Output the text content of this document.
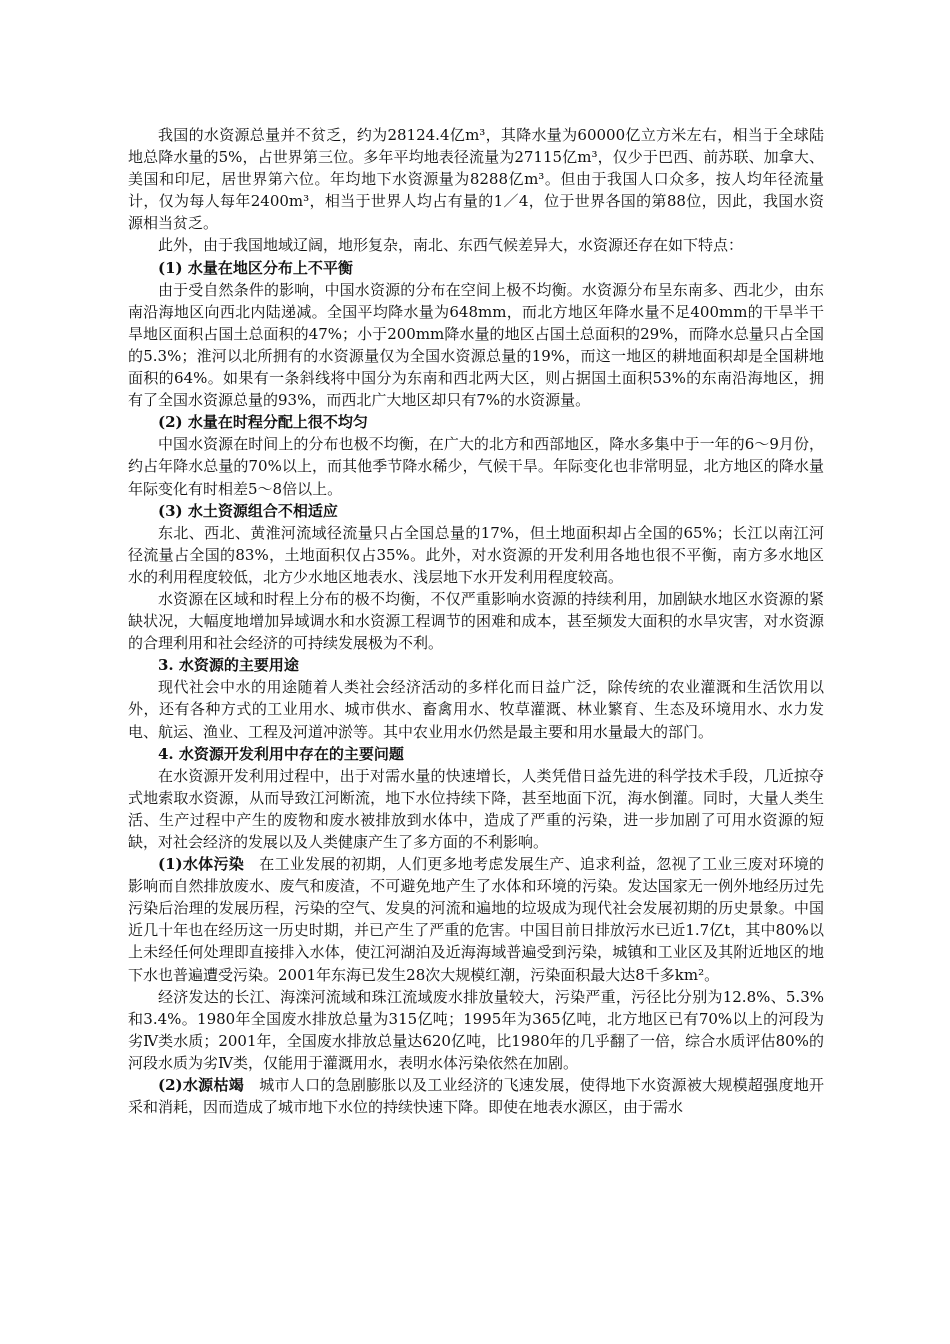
我国的水资源总量并不贫乏，约为28124.4亿m³，其降水量为60000亿立方米左右，相当于全球陆地总降水量的5%，占世界第三位。多年平均地表径流量为27115亿m³，仅少于巴西、前苏联、加拿大、美国和印尼，居世界第六位。年均地下水资源量为8288亿m³。但由于我国人口众多，按人均年径流量计，仅为每人每年2400m³，相当于世界人均占有量的1／4，位于世界各国的第88位，因此，我国水资源相当贫乏。

此外，由于我国地域辽阔，地形复杂，南北、东西气候差异大，水资源还存在如下特点：

(1) 水量在地区分布上不平衡

由于受自然条件的影响，中国水资源的分布在空间上极不均衡。水资源分布呈东南多、西北少，由东南沿海地区向西北内陆递减。全国平均降水量为648mm，而北方地区年降水量不足400mm的干旱半干旱地区面积占国土总面积的47%；小于200mm降水量的地区占国土总面积的29%，而降水总量只占全国的5.3%；淮河以北所拥有的水资源量仅为全国水资源总量的19%，而这一地区的耕地面积却是全国耕地面积的64%。如果有一条斜线将中国分为东南和西北两大区，则占据国土面积53%的东南沿海地区，拥有了全国水资源总量的93%，而西北广大地区却只有7%的水资源量。

(2) 水量在时程分配上很不均匀

中国水资源在时间上的分布也极不均衡，在广大的北方和西部地区，降水多集中于一年的6～9月份，约占年降水总量的70%以上，而其他季节降水稀少，气候干旱。年际变化也非常明显，北方地区的降水量年际变化有时相差5～8倍以上。

(3) 水土资源组合不相适应

东北、西北、黄淮河流域径流量只占全国总量的17%，但土地面积却占全国的65%；长江以南江河径流量占全国的83%，土地面积仅占35%。此外，对水资源的开发利用各地也很不平衡，南方多水地区水的利用程度较低，北方少水地区地表水、浅层地下水开发利用程度较高。

水资源在区域和时程上分布的极不均衡，不仅严重影响水资源的持续利用，加剧缺水地区水资源的紧缺状况，大幅度地增加异域调水和水资源工程调节的困难和成本，甚至频发大面积的水旱灾害，对水资源的合理利用和社会经济的可持续发展极为不利。

3. 水资源的主要用途

现代社会中水的用途随着人类社会经济活动的多样化而日益广泛，除传统的农业灌溉和生活饮用以外，还有各种方式的工业用水、城市供水、畜禽用水、牧草灌溉、林业繁育、生态及环境用水、水力发电、航运、渔业、工程及河道冲淤等。其中农业用水仍然是最主要和用水量最大的部门。

4. 水资源开发利用中存在的主要问题

在水资源开发利用过程中，出于对需水量的快速增长，人类凭借日益先进的科学技术手段，几近掠夺式地索取水资源，从而导致江河断流，地下水位持续下降，甚至地面下沉，海水倒灌。同时，大量人类生活、生产过程中产生的废物和废水被排放到水体中，造成了严重的污染，进一步加剧了可用水资源的短缺，对社会经济的发展以及人类健康产生了多方面的不利影响。

(1)水体污染  在工业发展的初期，人们更多地考虑发展生产、追求利益，忽视了工业三废对环境的影响而自然排放废水、废气和废渣，不可避免地产生了水体和环境的污染。发达国家无一例外地经历过先污染后治理的发展历程，污染的空气、发臭的河流和遍地的垃圾成为现代社会发展初期的历史景象。中国近几十年也在经历这一历史时期，并已产生了严重的危害。中国目前日排放污水已近1.7亿t，其中80%以上未经任何处理即直接排入水体，使江河湖泊及近海海域普遍受到污染，城镇和工业区及其附近地区的地下水也普遍遭受污染。2001年东海已发生28次大规模红潮，污染面积最大达8千多km²。

经济发达的长江、海滦河流域和珠江流域废水排放量较大，污染严重，污径比分别为12.8%、5.3%和3.4%。1980年全国废水排放总量为315亿吨；1995年为365亿吨，北方地区已有70%以上的河段为劣Ⅳ类水质；2001年，全国废水排放总量达620亿吨，比1980年的几乎翻了一倍，综合水质评估80%的河段水质为劣Ⅳ类，仅能用于灌溉用水，表明水体污染依然在加剧。

(2)水源枯竭  城市人口的急剧膨胀以及工业经济的飞速发展，使得地下水资源被大规模超强度地开采和消耗，因而造成了城市地下水位的持续快速下降。即使在地表水源区，由于需水
